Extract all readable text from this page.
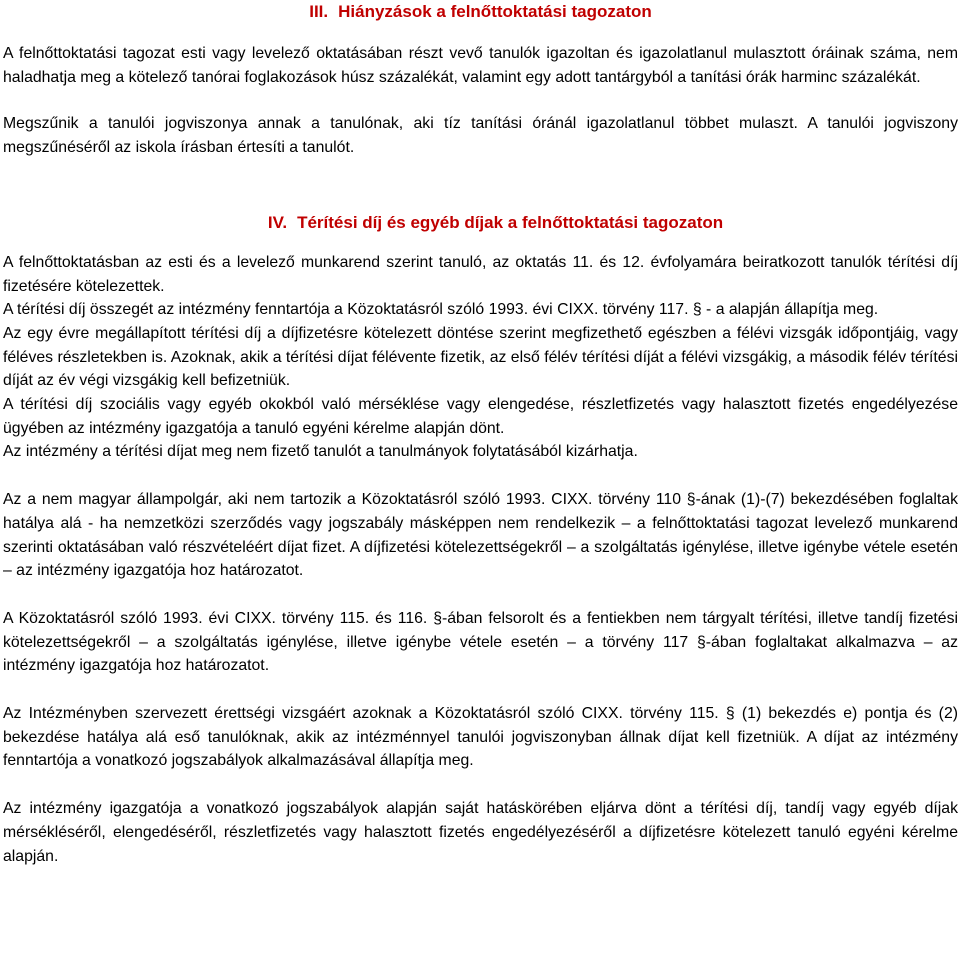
III. Hiányzások a felnőttoktatási tagozaton

A felnőttoktatási tagozat esti vagy levelező oktatásában részt vevő tanulók igazoltan és igazolatlanul mulasztott óráinak száma, nem haladhatja meg a kötelező tanórai foglakozások húsz százalékát, valamint egy adott tantárgyból a tanítási órák harminc százalékát.

Megszűnik a tanulói jogviszonya annak a tanulónak, aki tíz tanítási óránál igazolatlanul többet mulaszt. A tanulói jogviszony megszűnéséről az iskola írásban értesíti a tanulót.

IV. Térítési díj és egyéb díjak a felnőttoktatási tagozaton

A felnőttoktatásban az esti és a levelező munkarend szerint tanuló, az oktatás 11. és 12. évfolyamára beiratkozott tanulók térítési díj fizetésére kötelezettek.

A térítési díj összegét az intézmény fenntartója a Közoktatásról szóló 1993. évi CIXX. törvény 117. § - a alapján állapítja meg.

Az egy évre megállapított térítési díj a díjfizetésre kötelezett döntése szerint megfizethető egészben a félévi vizsgák időpontjáig, vagy féléves részletekben is. Azoknak, akik a térítési díjat félévente fizetik, az első félév térítési díját a félévi vizsgákig, a második félév térítési díját az év végi vizsgákig kell befizetniük.

A térítési díj szociális vagy egyéb okokból való mérséklése vagy elengedése, részletfizetés vagy halasztott fizetés engedélyezése ügyében az intézmény igazgatója a tanuló egyéni kérelme alapján dönt.

Az intézmény a térítési díjat meg nem fizető tanulót a tanulmányok folytatásából kizárhatja.

Az a nem magyar állampolgár, aki nem tartozik a Közoktatásról szóló 1993. CIXX. törvény 110 §-ának (1)-(7) bekezdésében foglaltak hatálya alá - ha nemzetközi szerződés vagy jogszabály másképpen nem rendelkezik – a felnőttoktatási tagozat levelező munkarend szerinti oktatásában való részvételéért díjat fizet. A díjfizetési kötelezettségekről – a szolgáltatás igénylése, illetve igénybe vétele esetén – az intézmény igazgatója hoz határozatot.

A Közoktatásról szóló 1993. évi CIXX. törvény 115. és 116. §-ában felsorolt és a fentiekben nem tárgyalt térítési, illetve tandíj fizetési kötelezettségekről – a szolgáltatás igénylése, illetve igénybe vétele esetén – a törvény 117 §-ában foglaltakat alkalmazva – az intézmény igazgatója hoz határozatot.

Az Intézményben szervezett érettségi vizsgáért azoknak a Közoktatásról szóló CIXX. törvény 115. § (1) bekezdés e) pontja és (2) bekezdése hatálya alá eső tanulóknak, akik az intézménnyel tanulói jogviszonyban állnak díjat kell fizetniük. A díjat az intézmény fenntartója a vonatkozó jogszabályok alkalmazásával állapítja meg.

Az intézmény igazgatója a vonatkozó jogszabályok alapján saját hatáskörében eljárva dönt a térítési díj, tandíj vagy egyéb díjak mérsékléséről, elengedéséről, részletfizetés vagy halasztott fizetés engedélyezéséről a díjfizetésre kötelezett tanuló egyéni kérelme alapján.
